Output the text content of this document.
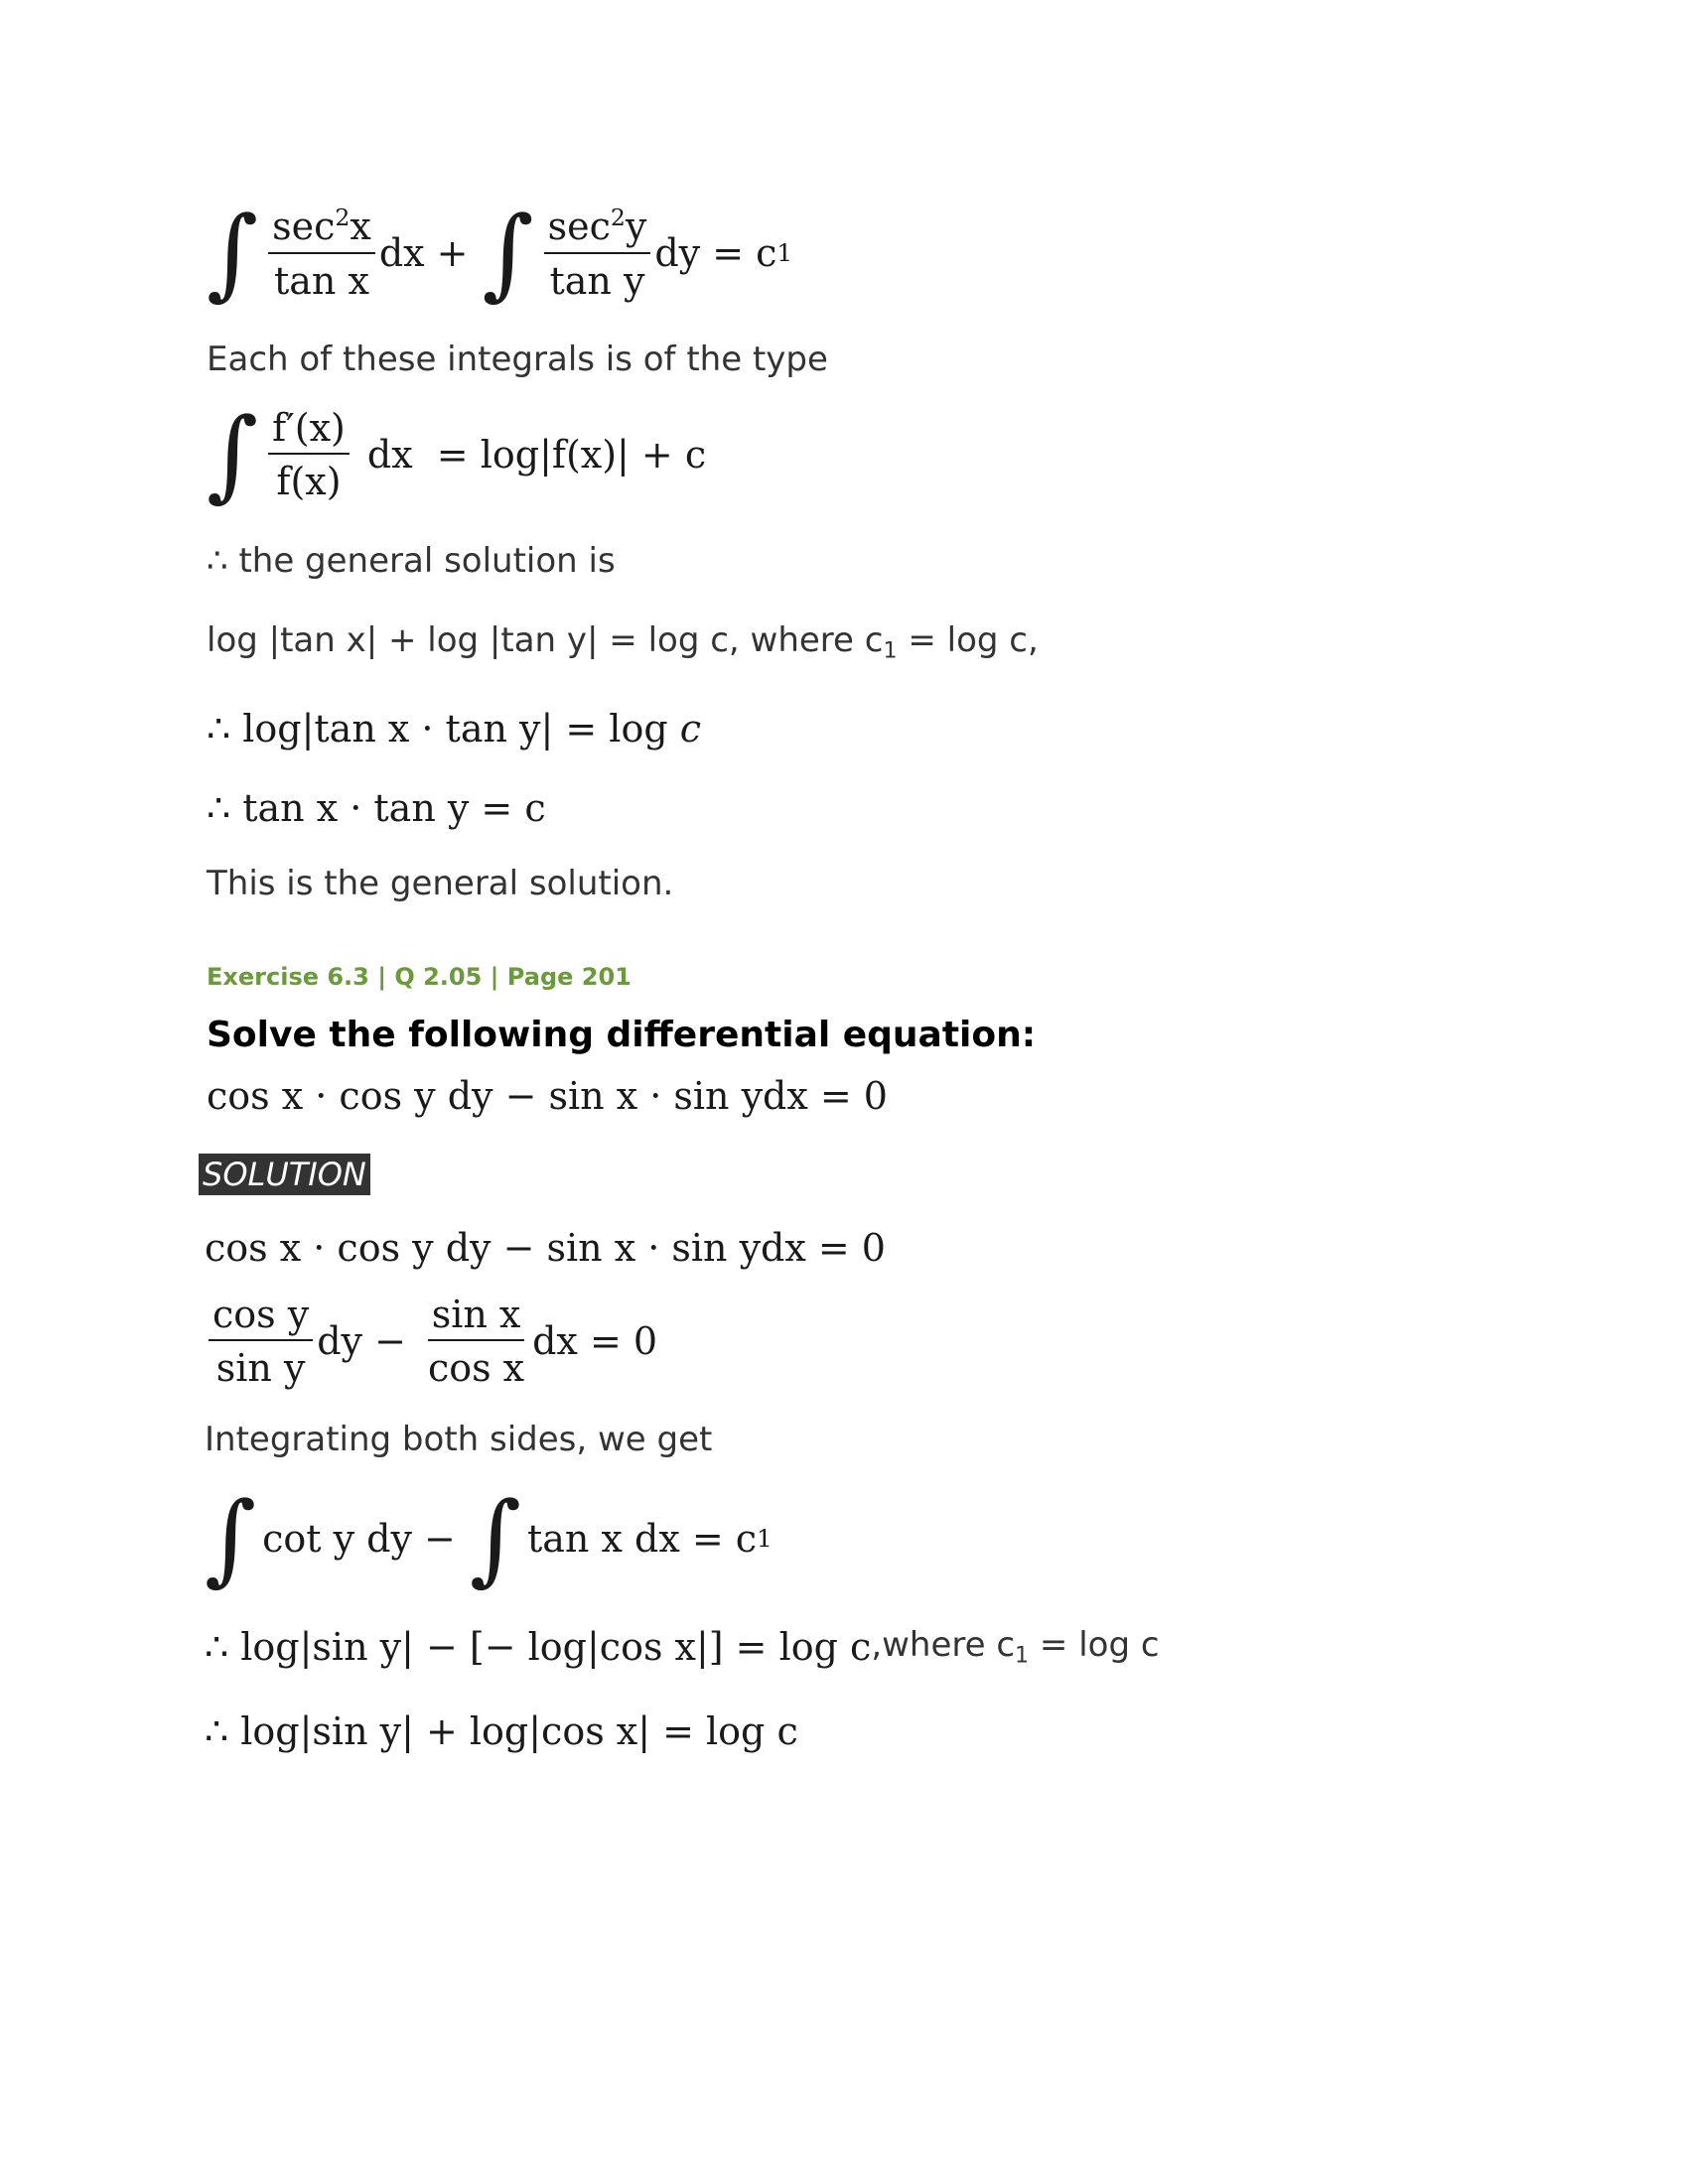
∫ $\frac{\sec^2x}{\text{tan x}}$ dx + ∫ $\frac{\sec^2y}{\text{tan y}}$ dy = c 1
Each of these integrals is of the type
∫ $\frac{f'(x)}{f(x)}$ dx  = log|f(x)| + c
∴ the general solution is
log |tan x| + log |tan y| = log c, where $c_1 = \log c$,
∴ log|tan x · tan y| = log c
∴ tan x · tan y = c
This is the general solution.
Exercise 6.3 | Q 2.05 | Page 201
Solve the following differential equation:
cos x · cos y dy − sin x · sin ydx = 0
SOLUTION
cos x · cos y dy − sin x · sin ydx = 0
$\frac{\text{cos y}}{\text{sin y}}$ dy − $\frac{\text{sin x}}{\text{cos x}}$ dx = 0
Integrating both sides, we get
∫ cot y dy − ∫ tan x dx = c 1
∴ log|sin y| − [− log|cos x|] = log c ,where $c_1 = \log c$
∴ log|sin y| + log|cos x| = log c
